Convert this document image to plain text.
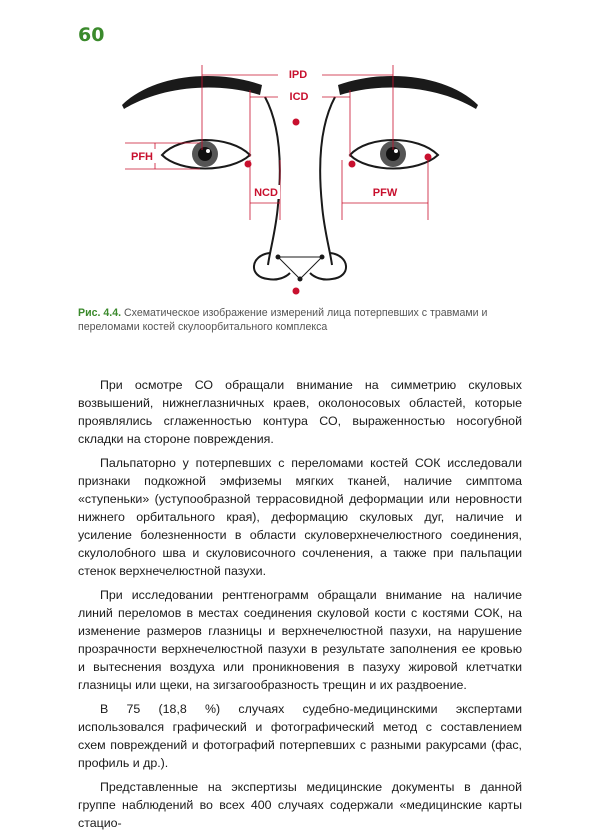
60
IPD
ICD
PFH
NCD	PFW
Рис. 4.4. Схематическое изображение измерений лица потерпевших с травмами и переломами костей скулоорбитального комплекса

При осмотре СО обращали внимание на симметрию скуловых возвышений, нижнеглазничных краев, околоносовых областей, которые проявлялись сглаженностью контура СО, выраженностью носогубной складки на стороне повреждения.

Пальпаторно у потерпевших с переломами костей СОК исследовали признаки подкожной эмфиземы мягких тканей, наличие симптома «ступеньки» (уступообразной террасовидной деформации или неровности нижнего орбитального края), деформацию скуловых дуг, наличие и усиление болезненности в области скуловерхнечелюстного соединения, скулолобного шва и скуловисочного сочленения, а также при пальпации стенок верхнечелюстной пазухи.

При исследовании рентгенограмм обращали внимание на наличие линий переломов в местах соединения скуловой кости с костями СОК, на изменение размеров глазницы и верхнечелюстной пазухи, на нарушение прозрачности верхнечелюстной пазухи в результате заполнения ее кровью и вытеснения воздуха или проникновения в пазуху жировой клетчатки глазницы или щеки, на зигзагообразность трещин и их раздвоение.

В 75 (18,8 %) случаях судебно-медицинскими экспертами использовался графический и фотографический метод с составлением схем повреждений и фотографий потерпевших с разными ракурсами (фас, профиль и др.).

Представленные на экспертизы медицинские документы в данной группе наблюдений во всех 400 случаях содержали «медицинские карты стацио-
